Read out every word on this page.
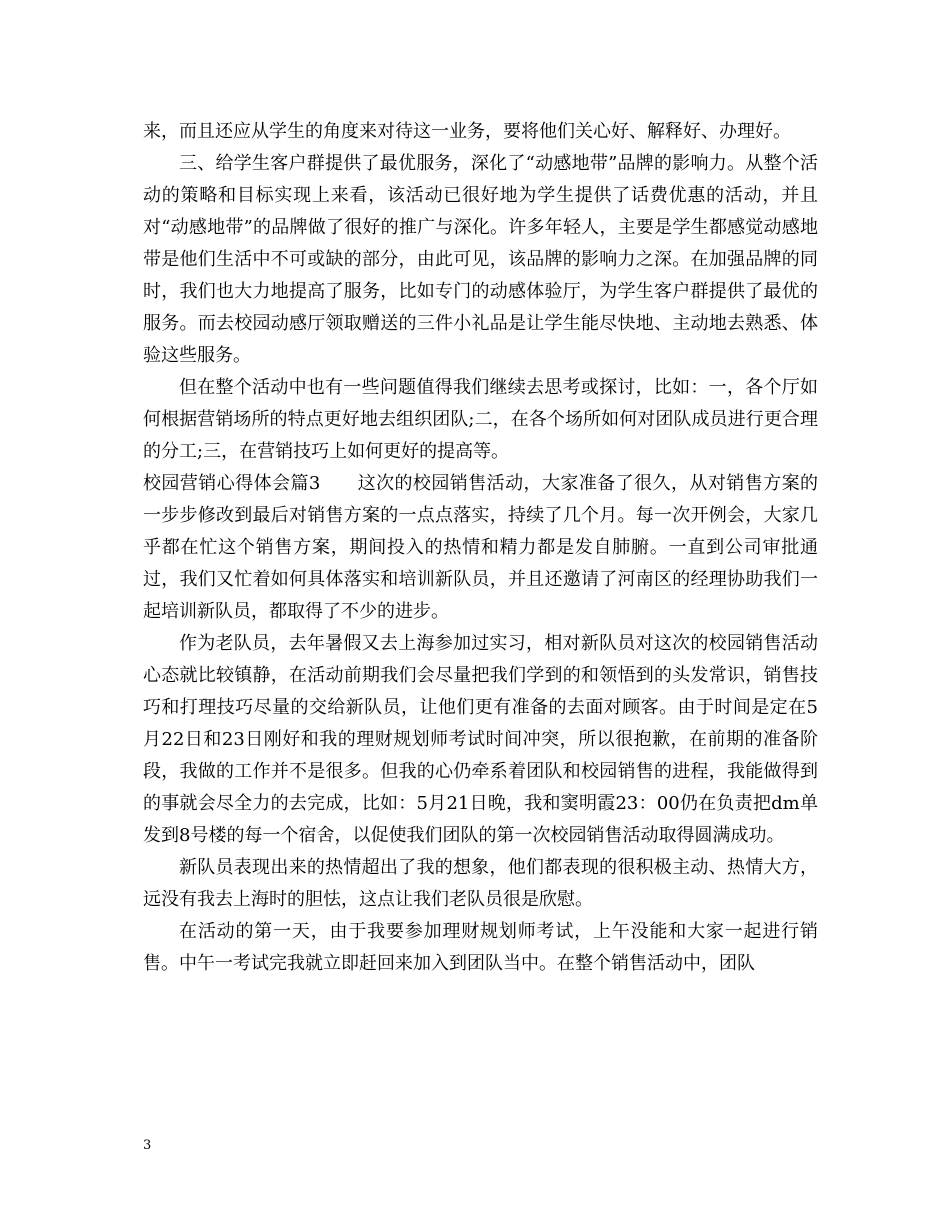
来，而且还应从学生的角度来对待这一业务，要将他们关心好、解释好、办理好。

三、给学生客户群提供了最优服务，深化了“动感地带”品牌的影响力。从整个活动的策略和目标实现上来看，该活动已很好地为学生提供了话费优惠的活动，并且对“动感地带”的品牌做了很好的推广与深化。许多年轻人，主要是学生都感觉动感地带是他们生活中不可或缺的部分，由此可见，该品牌的影响力之深。在加强品牌的同时，我们也大力地提高了服务，比如专门的动感体验厅，为学生客户群提供了最优的服务。而去校园动感厅领取赠送的三件小礼品是让学生能尽快地、主动地去熟悉、体验这些服务。

但在整个活动中也有一些问题值得我们继续去思考或探讨，比如：一，各个厅如何根据营销场所的特点更好地去组织团队;二，在各个场所如何对团队成员进行更合理的分工;三，在营销技巧上如何更好的提高等。

校园营销心得体会篇3　　这次的校园销售活动，大家准备了很久，从对销售方案的一步步修改到最后对销售方案的一点点落实，持续了几个月。每一次开例会，大家几乎都在忙这个销售方案，期间投入的热情和精力都是发自肺腑。一直到公司审批通过，我们又忙着如何具体落实和培训新队员，并且还邀请了河南区的经理协助我们一起培训新队员，都取得了不少的进步。

作为老队员，去年暑假又去上海参加过实习，相对新队员对这次的校园销售活动心态就比较镇静，在活动前期我们会尽量把我们学到的和领悟到的头发常识，销售技巧和打理技巧尽量的交给新队员，让他们更有准备的去面对顾客。由于时间是定在5月22日和23日刚好和我的理财规划师考试时间冲突，所以很抱歉，在前期的准备阶段，我做的工作并不是很多。但我的心仍牵系着团队和校园销售的进程，我能做得到的事就会尽全力的去完成，比如：5月21日晚，我和窦明霞23：00仍在负责把dm单发到8号楼的每一个宿舍，以促使我们团队的第一次校园销售活动取得圆满成功。

新队员表现出来的热情超出了我的想象，他们都表现的很积极主动、热情大方，远没有我去上海时的胆怯，这点让我们老队员很是欣慰。

在活动的第一天，由于我要参加理财规划师考试，上午没能和大家一起进行销售。中午一考试完我就立即赶回来加入到团队当中。在整个销售活动中，团队

3
